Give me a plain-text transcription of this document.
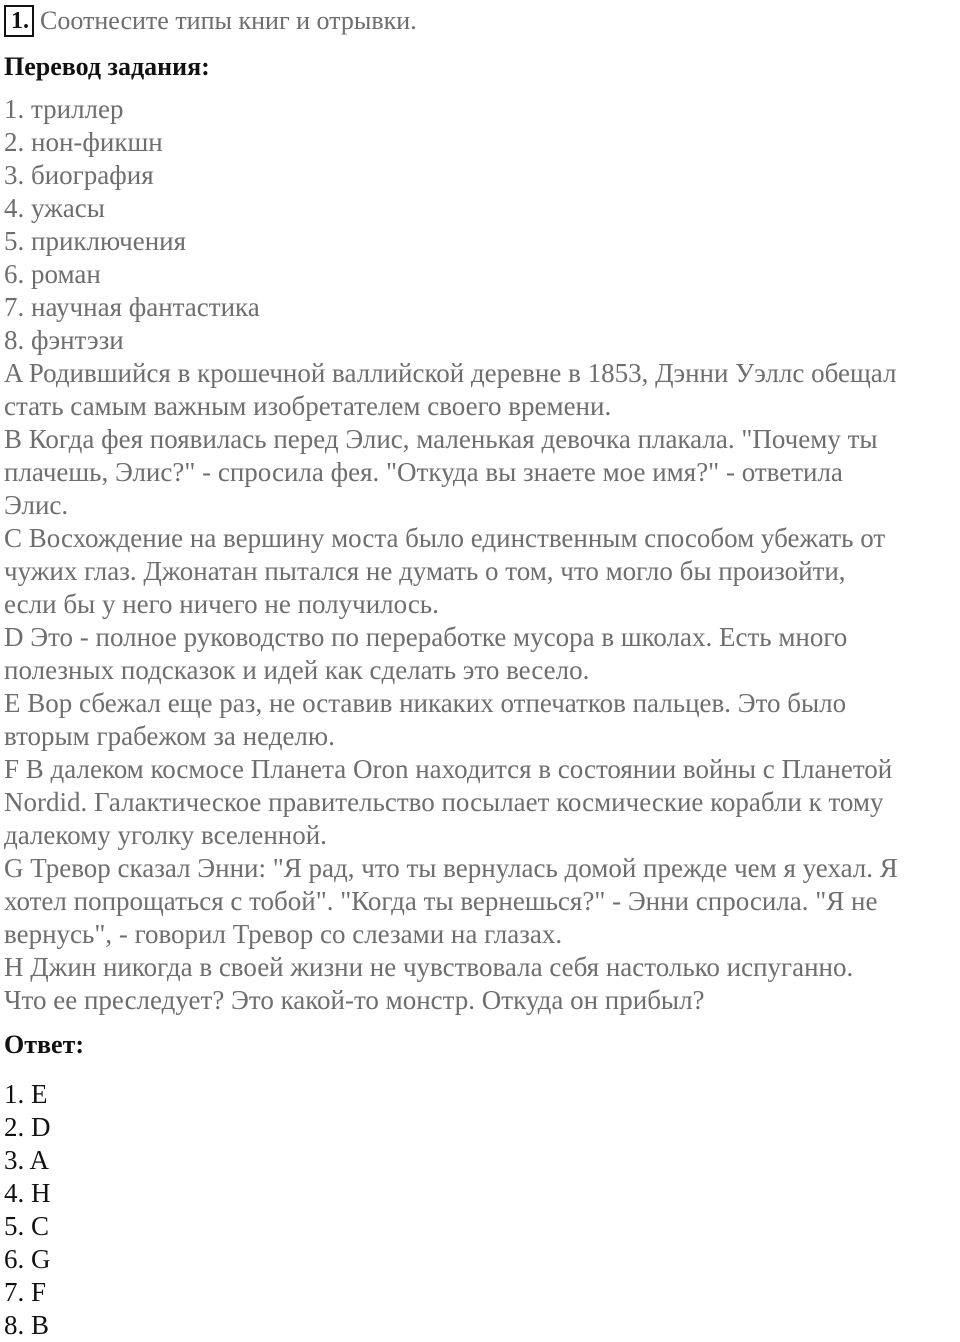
1. Соотнесите типы книг и отрывки.
Перевод задания:
1. триллер
2. нон-фикшн
3. биография
4. ужасы
5. приключения
6. роман
7. научная фантастика
8. фэнтэзи
A Родившийся в крошечной валлийской деревне в 1853, Дэнни Уэллс обещал
стать самым важным изобретателем своего времени.
B Когда фея появилась перед Элис, маленькая девочка плакала. "Почему ты
плачешь, Элис?" - спросила фея. "Откуда вы знаете мое имя?" - ответила
Элис.
C Восхождение на вершину моста было единственным способом убежать от
чужих глаз. Джонатан пытался не думать о том, что могло бы произойти,
если бы у него ничего не получилось.
D Это - полное руководство по переработке мусора в школах. Есть много
полезных подсказок и идей как сделать это весело.
E Вор сбежал еще раз, не оставив никаких отпечатков пальцев. Это было
вторым грабежом за неделю.
F В далеком космосе Планета Oron находится в состоянии войны с Планетой
Nordid. Галактическое правительство посылает космические корабли к тому
далекому уголку вселенной.
G Тревор сказал Энни: "Я рад, что ты вернулась домой прежде чем я уехал. Я
хотел попрощаться с тобой". "Когда ты вернешься?" - Энни спросила. "Я не
вернусь", - говорил Тревор со слезами на глазах.
H Джин никогда в своей жизни не чувствовала себя настолько испуганно.
Что ее преследует? Это какой-то монстр. Откуда он прибыл?
Ответ:
1. E
2. D
3. A
4. H
5. C
6. G
7. F
8. B
